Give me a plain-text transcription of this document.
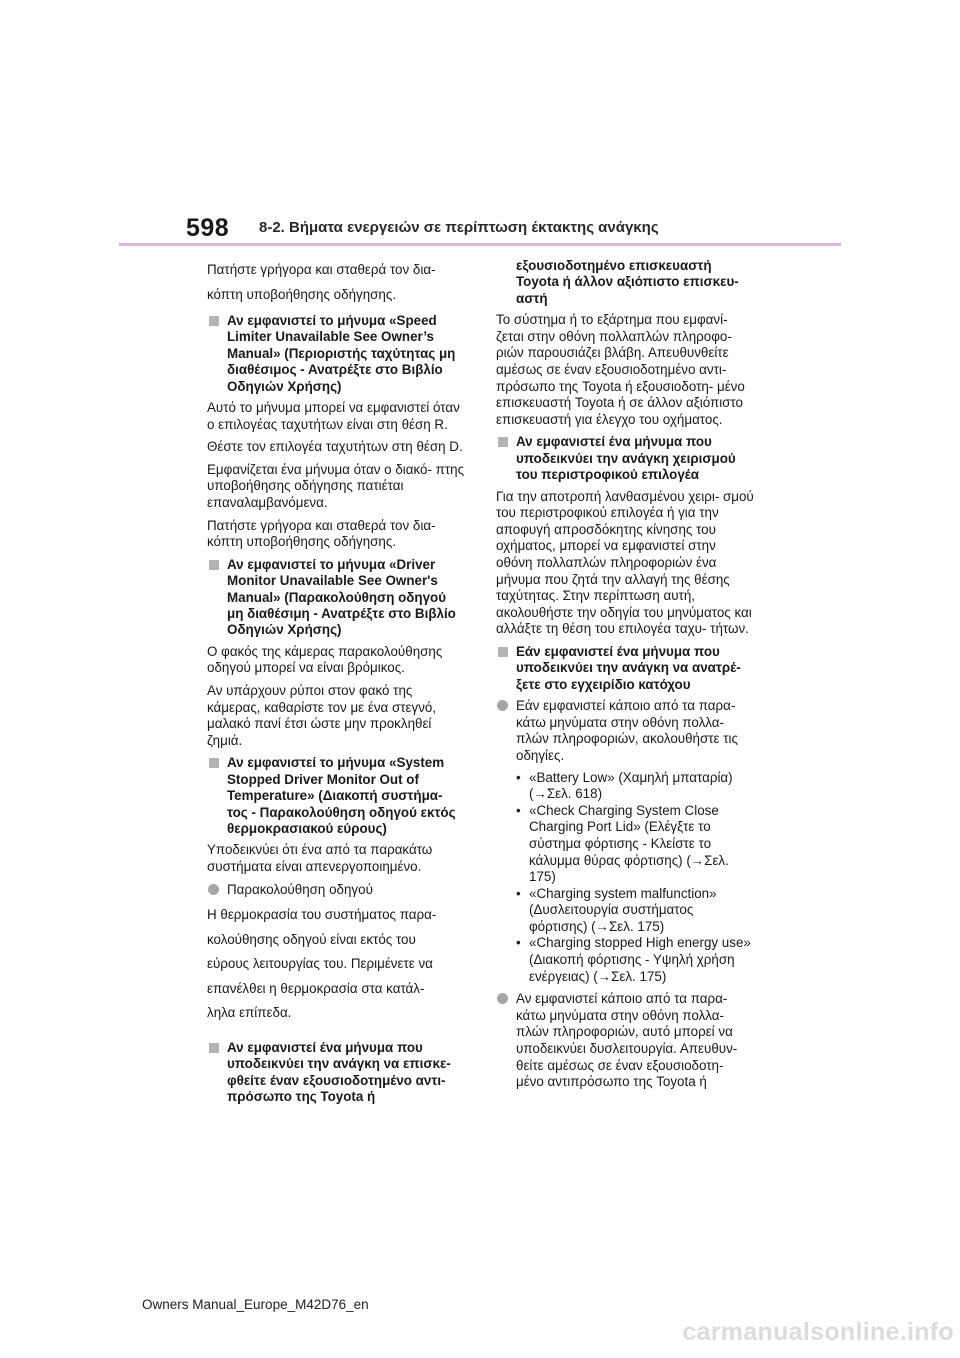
598 8-2. Βήματα ενεργειών σε περίπτωση έκτακτης ανάγκης

Πατήστε γρήγορα και σταθερά τον δια-
κόπτη υποβοήθησης οδήγησης.

Αν εμφανιστεί το μήνυμα «Speed Limiter Unavailable See Owner’s Manual» (Περιοριστής ταχύτητας μη διαθέσιμος - Ανατρέξτε στο Βιβλίο Οδηγιών Χρήσης)

Αυτό το μήνυμα μπορεί να εμφανιστεί όταν ο επιλογέας ταχυτήτων είναι στη θέση R.

Θέστε τον επιλογέα ταχυτήτων στη θέση D.

Εμφανίζεται ένα μήνυμα όταν ο διακό- πτης υποβοήθησης οδήγησης πατιέται επαναλαμβανόμενα.

Πατήστε γρήγορα και σταθερά τον δια- κόπτη υποβοήθησης οδήγησης.

Αν εμφανιστεί το μήνυμα «Driver Monitor Unavailable See Owner's Manual» (Παρακολούθηση οδηγού μη διαθέσιμη - Ανατρέξτε στο Βιβλίο Οδηγιών Χρήσης)

Ο φακός της κάμερας παρακολούθησης οδηγού μπορεί να είναι βρόμικος.

Αν υπάρχουν ρύποι στον φακό της κάμερας, καθαρίστε τον με ένα στεγνό, μαλακό πανί έτσι ώστε μην προκληθεί ζημιά.

Αν εμφανιστεί το μήνυμα «System Stopped Driver Monitor Out of Temperature» (Διακοπή συστήμα- τος - Παρακολούθηση οδηγού εκτός θερμοκρασιακού εύρους)

Υποδεικνύει ότι ένα από τα παρακάτω συστήματα είναι απενεργοποιημένο.

Παρακολούθηση οδηγού

Η θερμοκρασία του συστήματος παρα-
κολούθησης οδηγού είναι εκτός του
εύρους λειτουργίας του. Περιμένετε να
επανέλθει η θερμοκρασία στα κατάλ-
ληλα επίπεδα.

Αν εμφανιστεί ένα μήνυμα που υποδεικνύει την ανάγκη να επισκε- φθείτε έναν εξουσιοδοτημένο αντι- πρόσωπο της Toyota ή
εξουσιοδοτημένο επισκευαστή Toyota ή άλλον αξιόπιστο επισκευ- αστή

Το σύστημα ή το εξάρτημα που εμφανί- ζεται στην οθόνη πολλαπλών πληροφο- ριών παρουσιάζει βλάβη. Απευθυνθείτε αμέσως σε έναν εξουσιοδοτημένο αντι- πρόσωπο της Toyota ή εξουσιοδοτη- μένο επισκευαστή Toyota ή σε άλλον αξιόπιστο επισκευαστή για έλεγχο του οχήματος.

Αν εμφανιστεί ένα μήνυμα που υποδεικνύει την ανάγκη χειρισμού του περιστροφικού επιλογέα

Για την αποτροπή λανθασμένου χειρι- σμού του περιστροφικού επιλογέα ή για την αποφυγή απροσδόκητης κίνησης του οχήματος, μπορεί να εμφανιστεί στην οθόνη πολλαπλών πληροφοριών ένα μήνυμα που ζητά την αλλαγή της θέσης ταχύτητας. Στην περίπτωση αυτή, ακολουθήστε την οδηγία του μηνύματος και αλλάξτε τη θέση του επιλογέα ταχυ- τήτων.

Εάν εμφανιστεί ένα μήνυμα που υποδεικνύει την ανάγκη να ανατρέ- ξετε στο εγχειρίδιο κατόχου
Εάν εμφανιστεί κάποιο από τα παρα- κάτω μηνύματα στην οθόνη πολλα- πλών πληροφοριών, ακολουθήστε τις οδηγίες.
• «Battery Low» (Χαμηλή μπαταρία) (→Σελ. 618)
• «Check Charging System Close Charging Port Lid» (Ελέγξτε το σύστημα φόρτισης - Κλείστε το κάλυμμα θύρας φόρτισης) (→Σελ. 175)
• «Charging system malfunction» (Δυσλειτουργία συστήματος φόρτισης) (→Σελ. 175)
• «Charging stopped High energy use» (Διακοπή φόρτισης - Υψηλή χρήση ενέργειας) (→Σελ. 175)
Αν εμφανιστεί κάποιο από τα παρα- κάτω μηνύματα στην οθόνη πολλα- πλών πληροφοριών, αυτό μπορεί να υποδεικνύει δυσλειτουργία. Απευθυν- θείτε αμέσως σε έναν εξουσιοδοτη- μένο αντιπρόσωπο της Toyota ή
Owners Manual_Europe_M42D76_en
carmanualsonline.info
